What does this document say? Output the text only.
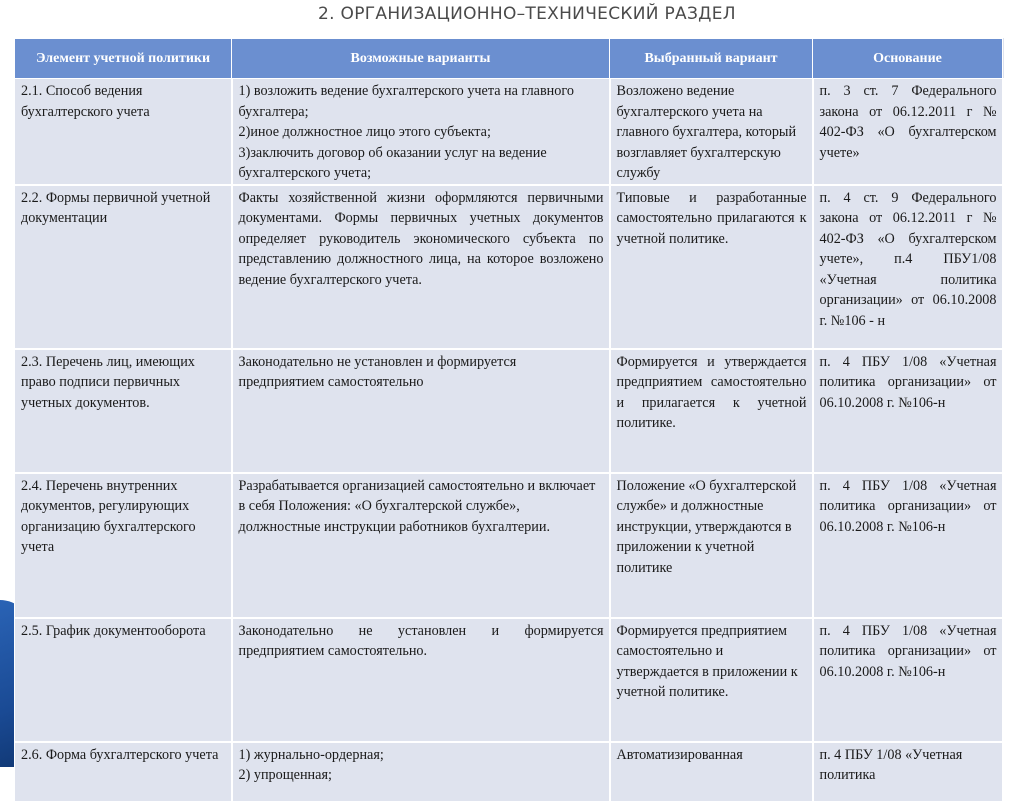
2. ОРГАНИЗАЦИОННО–ТЕХНИЧЕСКИЙ РАЗДЕЛ
Элемент учетной политики	Возможные варианты	Выбранный вариант	Основание

2.1. Способ ведения бухгалтерского учета	1) возложить ведение бухгалтерского учета на главного бухгалтера;
2)иное должностное лицо этого субъекта;
3)заключить договор об оказании услуг на ведение бухгалтерского учета;	Возложено ведение бухгалтерского учета на главного бухгалтера, который возглавляет бухгалтерскую службу	п. 3 ст. 7 Федерального закона от 06.12.2011 г № 402-ФЗ «О бухгалтерском учете»

2.2. Формы первичной учетной документации	Факты хозяйственной жизни оформляются первичными документами. Формы первичных учетных документов определяет руководитель экономического субъекта по представлению должностного лица, на которое возложено ведение бухгалтерского учета.	Типовые и разработанные самостоятельно прилагаются к учетной политике.	п. 4 ст. 9 Федерального закона от 06.12.2011 г № 402-ФЗ «О бухгалтерском учете», п.4 ПБУ1/08 «Учетная политика организации» от 06.10.2008 г. №106 - н

2.3. Перечень лиц, имеющих право подписи первичных учетных документов.	Законодательно не установлен и формируется предприятием самостоятельно	Формируется и утверждается предприятием самостоятельно и прилагается к учетной политике.	п. 4 ПБУ 1/08 «Учетная политика организации» от 06.10.2008 г. №106-н

2.4. Перечень внутренних документов, регулирующих организацию бухгалтерского учета	Разрабатывается организацией самостоятельно и включает в себя Положения: «О бухгалтерской службе», должностные инструкции работников бухгалтерии.	Положение «О бухгалтерской службе» и должностные инструкции, утверждаются в приложении к учетной политике	п. 4 ПБУ 1/08 «Учетная политика организации» от 06.10.2008 г. №106-н

2.5. График документооборота	Законодательно не установлен и формируется предприятием самостоятельно.	Формируется предприятием самостоятельно и утверждается в приложении к учетной политике.	п. 4 ПБУ 1/08 «Учетная политика организации» от 06.10.2008 г. №106-н

2.6. Форма бухгалтерского учета	1) журнально-ордерная;
2) упрощенная;	Автоматизированная	п. 4 ПБУ 1/08 «Учетная политика
